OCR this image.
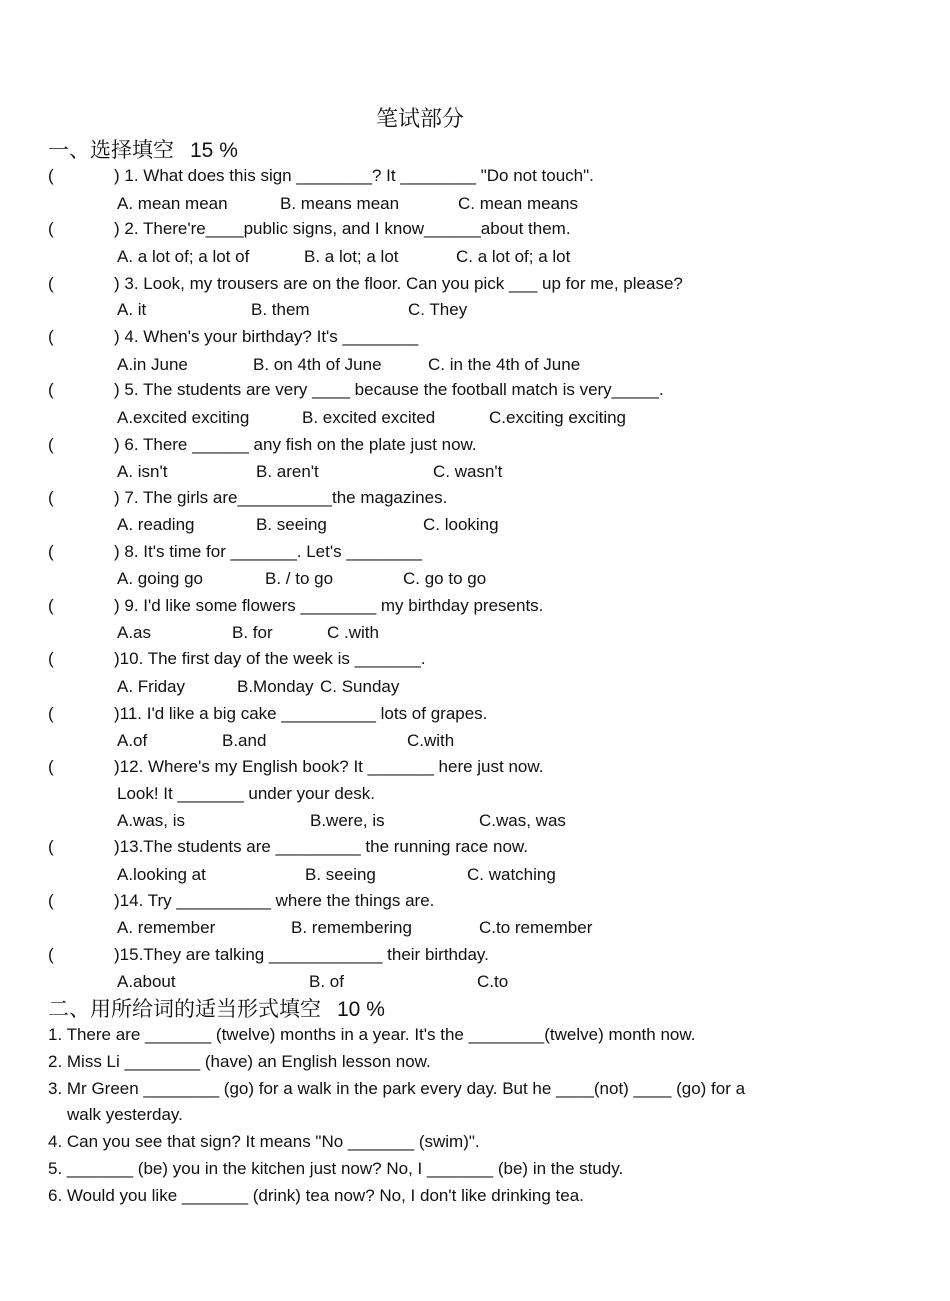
笔试部分
一、选择填空 15 %
(	) 1. What does this sign ________? It ________ "Do not touch".
A. mean mean	B. means mean	C. mean means
(	) 2. There're____public signs, and I know______about them.
A. a lot of; a lot of	B. a lot; a lot	C. a lot of; a lot
(	) 3. Look, my trousers are on the floor. Can you pick ___ up for me, please?
A. it	B. them	C. They
(	) 4. When's your birthday? It's ________
A.in June	B. on 4th of June	C. in the 4th of June
(	) 5. The students are very ____ because the football match is very_____.
A.excited exciting	B. excited excited	C.exciting exciting
(	) 6. There ______ any fish on the plate just now.
A. isn't	B. aren't	C. wasn't
(	) 7. The girls are__________the magazines.
A. reading	B. seeing	C. looking
(	) 8. It's time for _______. Let's ________
A. going go	B. / to go	C. go to go
(	) 9. I'd like some flowers ________ my birthday presents.
A.as	B. for	C .with
(	)10. The first day of the week is _______.
A. Friday	B.Monday C. Sunday
(	)11. I'd like a big cake __________ lots of grapes.
A.of	B.and	C.with
(	)12. Where's my English book? It _______ here just now.
Look! It _______ under your desk.
A.was, is	B.were, is	C.was, was
(	)13.The students are _________ the running race now.
A.looking at	B. seeing	C. watching
(	)14. Try __________ where the things are.
A. remember	B. remembering	C.to remember
(	)15.They are talking ____________ their birthday.
A.about	B. of	C.to
二、用所给词的适当形式填空 10 %
1. There are _______ (twelve) months in a year. It's the ________(twelve) month now.
2. Miss Li ________ (have) an English lesson now.
3. Mr Green ________ (go) for a walk in the park every day. But he ____(not) ____ (go) for a
walk yesterday.
4. Can you see that sign? It means "No _______ (swim)".
5. _______ (be) you in the kitchen just now? No, I _______ (be) in the study.
6. Would you like _______ (drink) tea now? No, I don't like drinking tea.
